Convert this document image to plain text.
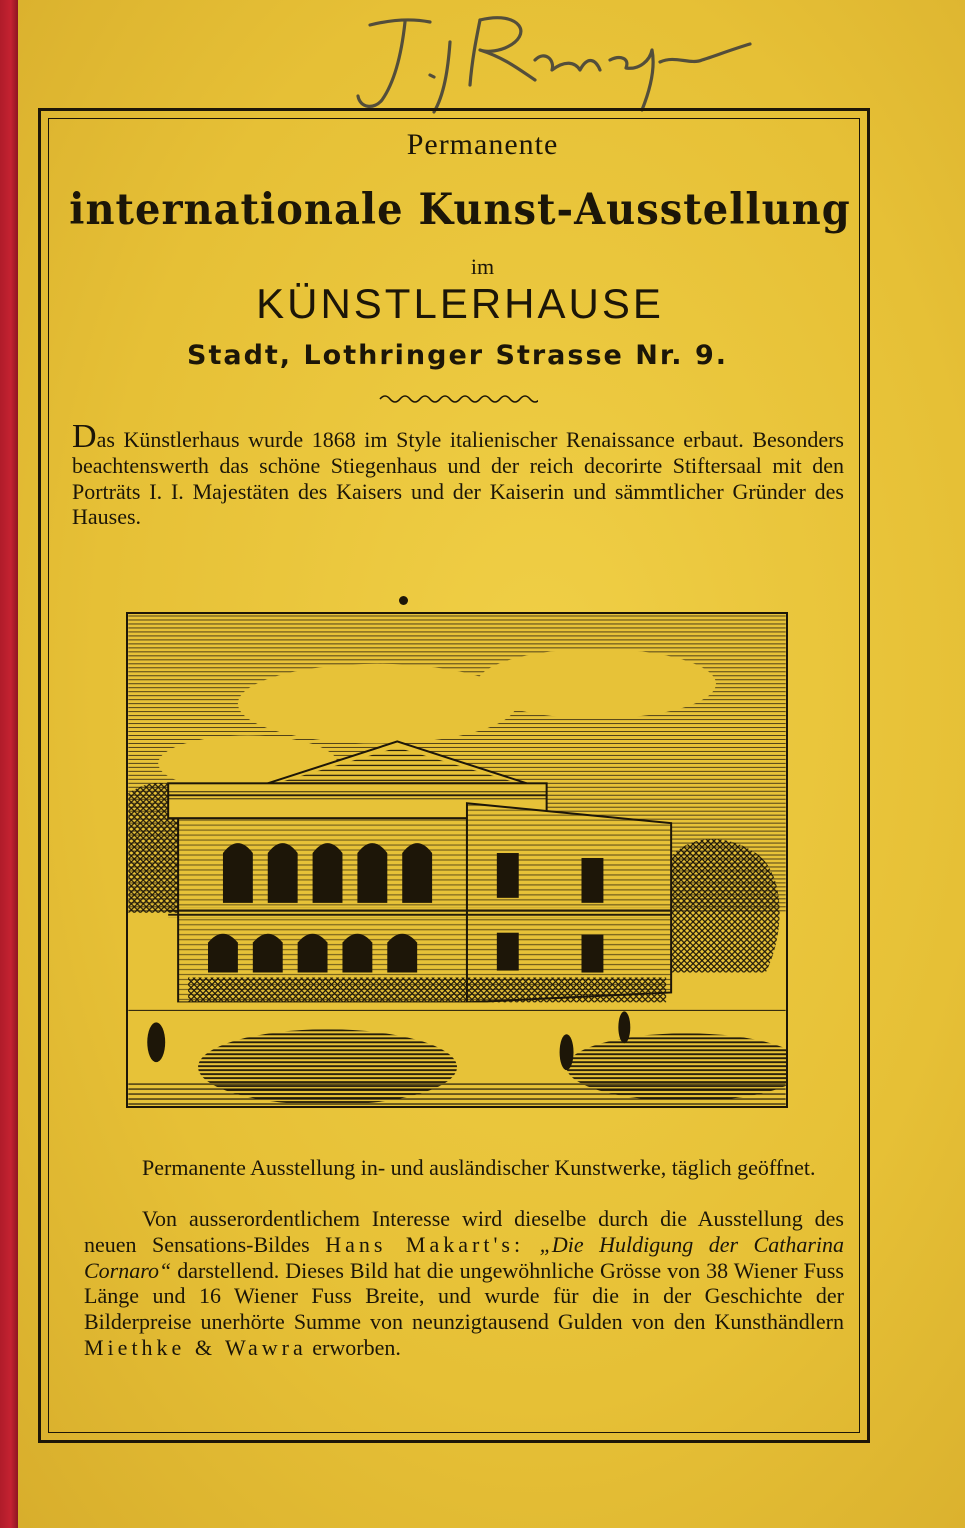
Permanente
internationale Kunst-Ausstellung
im
KÜNSTLERHAUSE
Stadt, Lothringer Strasse Nr. 9.
Das Künstlerhaus wurde 1868 im Style italienischer Renaissance erbaut. Besonders beachtenswerth das schöne Stiegenhaus und der reich decorirte Stiftersaal mit den Porträts I. I. Majestäten des Kaisers und der Kaiserin und sämmtlicher Gründer des Hauses.
Permanente Ausstellung in- und ausländischer Kunstwerke, täglich geöffnet.
Von ausserordentlichem Interesse wird dieselbe durch die Ausstellung des neuen Sensations-Bildes Hans Makart's: „Die Huldigung der Catharina Cornaro“ darstellend. Dieses Bild hat die ungewöhnliche Grösse von 38 Wiener Fuss Länge und 16 Wiener Fuss Breite, und wurde für die in der Geschichte der Bilderpreise unerhörte Summe von neunzigtausend Gulden von den Kunsthändlern Miethke & Wawra erworben.
